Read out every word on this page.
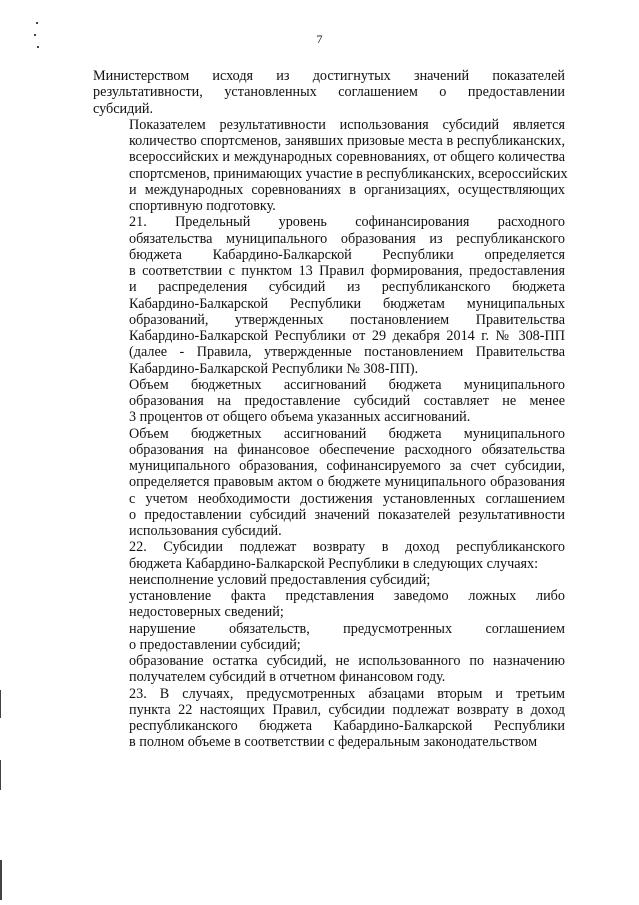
7

Министерством исходя из достигнутых значений показателей
результативности, установленных соглашением о предоставлении
субсидий.

Показателем результативности использования субсидий является
количество спортсменов, занявших призовые места в республиканских,
всероссийских и международных соревнованиях, от общего количества
спортсменов, принимающих участие в республиканских, всероссийских
и международных соревнованиях в организациях, осуществляющих
спортивную подготовку.

21. Предельный уровень софинансирования расходного
обязательства муниципального образования из республиканского
бюджета Кабардино-Балкарской Республики определяется
в соответствии с пунктом 13 Правил формирования, предоставления
и распределения субсидий из республиканского бюджета
Кабардино-Балкарской Республики бюджетам муниципальных
образований, утвержденных постановлением Правительства
Кабардино-Балкарской Республики от 29 декабря 2014 г. № 308-ПП
(далее - Правила, утвержденные постановлением Правительства
Кабардино-Балкарской Республики № 308-ПП).

Объем бюджетных ассигнований бюджета муниципального
образования на предоставление субсидий составляет не менее
3 процентов от общего объема указанных ассигнований.

Объем бюджетных ассигнований бюджета муниципального
образования на финансовое обеспечение расходного обязательства
муниципального образования, софинансируемого за счет субсидии,
определяется правовым актом о бюджете муниципального образования
с учетом необходимости достижения установленных соглашением
о предоставлении субсидий значений показателей результативности
использования субсидий.

22. Субсидии подлежат возврату в доход республиканского
бюджета Кабардино-Балкарской Республики в следующих случаях:

неисполнение условий предоставления субсидий;

установление факта представления заведомо ложных либо
недостоверных сведений;

нарушение обязательств, предусмотренных соглашением
о предоставлении субсидий;

образование остатка субсидий, не использованного по назначению
получателем субсидий в отчетном финансовом году.

23. В случаях, предусмотренных абзацами вторым и третьим
пункта 22 настоящих Правил, субсидии подлежат возврату в доход
республиканского бюджета Кабардино-Балкарской Республики
в полном объеме в соответствии с федеральным законодательством
